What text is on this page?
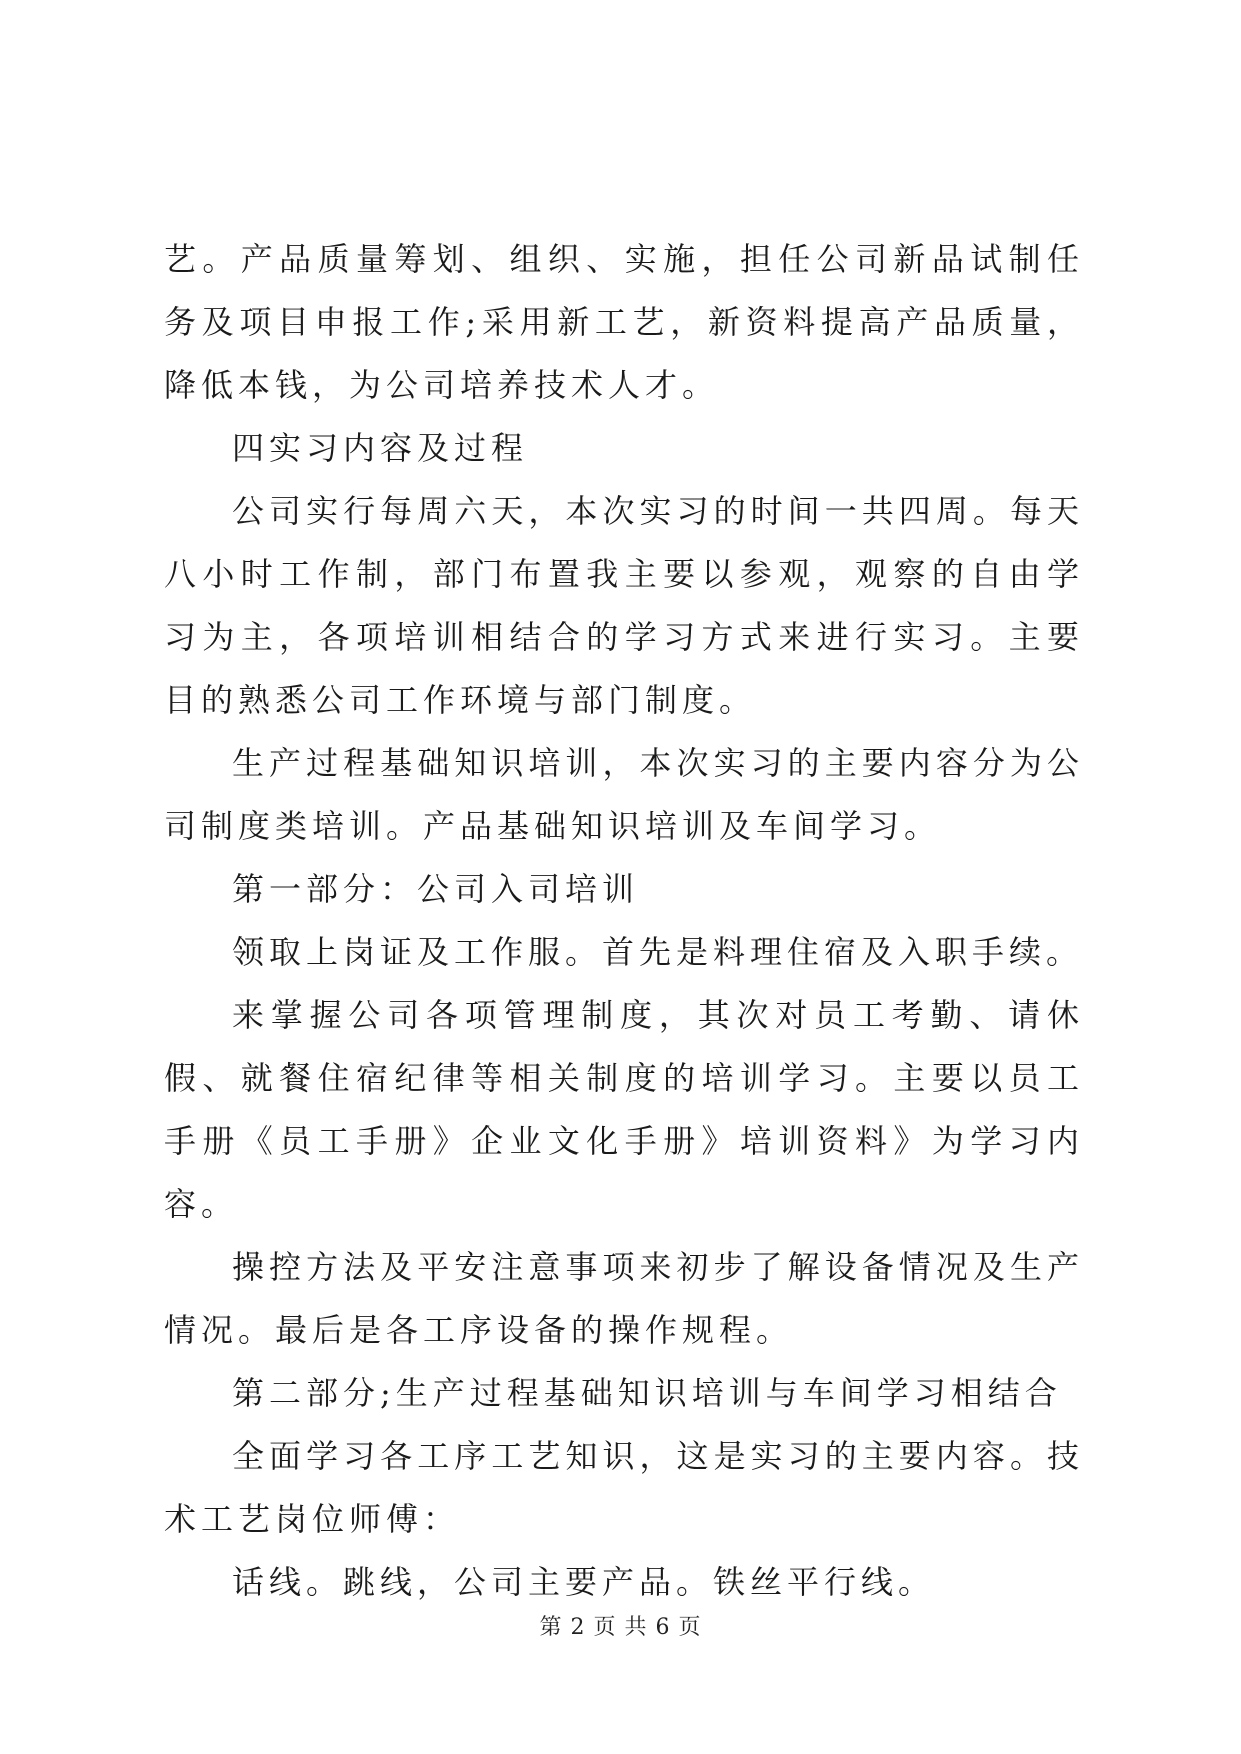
艺。产品质量筹划、组织、实施，担任公司新品试制任务及项目申报工作;采用新工艺，新资料提高产品质量，降低本钱，为公司培养技术人才。

四实习内容及过程

公司实行每周六天，本次实习的时间一共四周。每天八小时工作制，部门布置我主要以参观，观察的自由学习为主，各项培训相结合的学习方式来进行实习。主要目的熟悉公司工作环境与部门制度。

生产过程基础知识培训，本次实习的主要内容分为公司制度类培训。产品基础知识培训及车间学习。

第一部分：公司入司培训

领取上岗证及工作服。首先是料理住宿及入职手续。

来掌握公司各项管理制度，其次对员工考勤、请休假、就餐住宿纪律等相关制度的培训学习。主要以员工手册《员工手册》企业文化手册》培训资料》为学习内容。

操控方法及平安注意事项来初步了解设备情况及生产情况。最后是各工序设备的操作规程。

第二部分;生产过程基础知识培训与车间学习相结合

全面学习各工序工艺知识，这是实习的主要内容。技术工艺岗位师傅：

话线。跳线，公司主要产品。铁丝平行线。

第 2 页 共 6 页
